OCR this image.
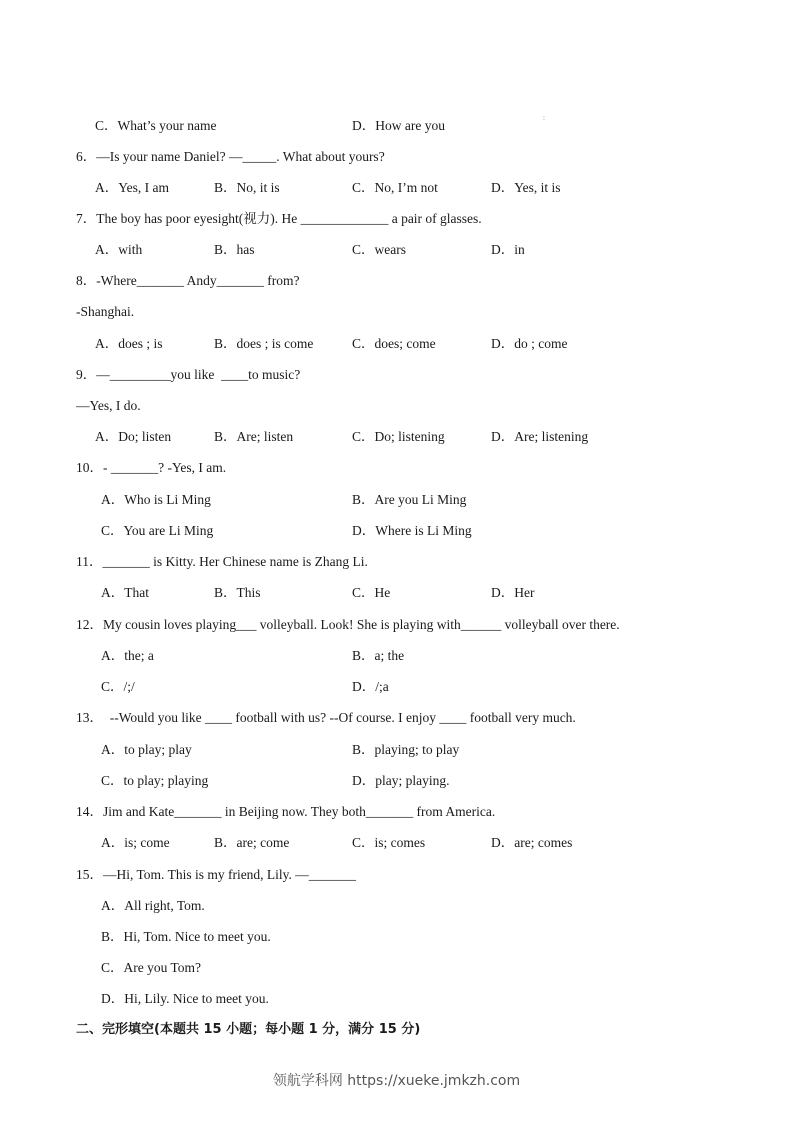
:
C．What’s your name	D．How are you
6．—Is your name Daniel? —_____. What about yours?
A．Yes, I am	B．No, it is	C．No, I’m not	D．Yes, it is
7．The boy has poor eyesight(视力). He _____________ a pair of glasses.
A．with	B．has	C．wears	D．in
8．-Where_______ Andy_______ from?
-Shanghai.
A．does ; is	B．does ; is come	C．does; come	D．do ; come
9．—_________you like  ____to music?
—Yes, I do.
A．Do; listen	B．Are; listen	C．Do; listening	D．Are; listening
10．- _______? -Yes, I am.
A．Who is Li Ming	B．Are you Li Ming
C．You are Li Ming	D．Where is Li Ming
11．_______ is Kitty. Her Chinese name is Zhang Li.
A．That	B．This	C．He	D．Her
12．My cousin loves playing___ volleyball. Look! She is playing with______ volleyball over there.
A．the; a	B．a; the
C．/;/	D．/;a
13．  --Would you like ____ football with us? --Of course. I enjoy ____ football very much.
A．to play; play	B．playing; to play
C．to play; playing	D．play; playing.
14．Jim and Kate_______ in Beijing now. They both_______ from America.
A．is; come	B．are; come	C．is; comes	D．are; comes
15．—Hi, Tom. This is my friend, Lily. —_______
A．All right, Tom.
B．Hi, Tom. Nice to meet you.
C．Are you Tom?
D．Hi, Lily. Nice to meet you.
二、完形填空(本题共 15 小题；每小题 1 分，满分 15 分)
领航学科网 https://xueke.jmkzh.com
